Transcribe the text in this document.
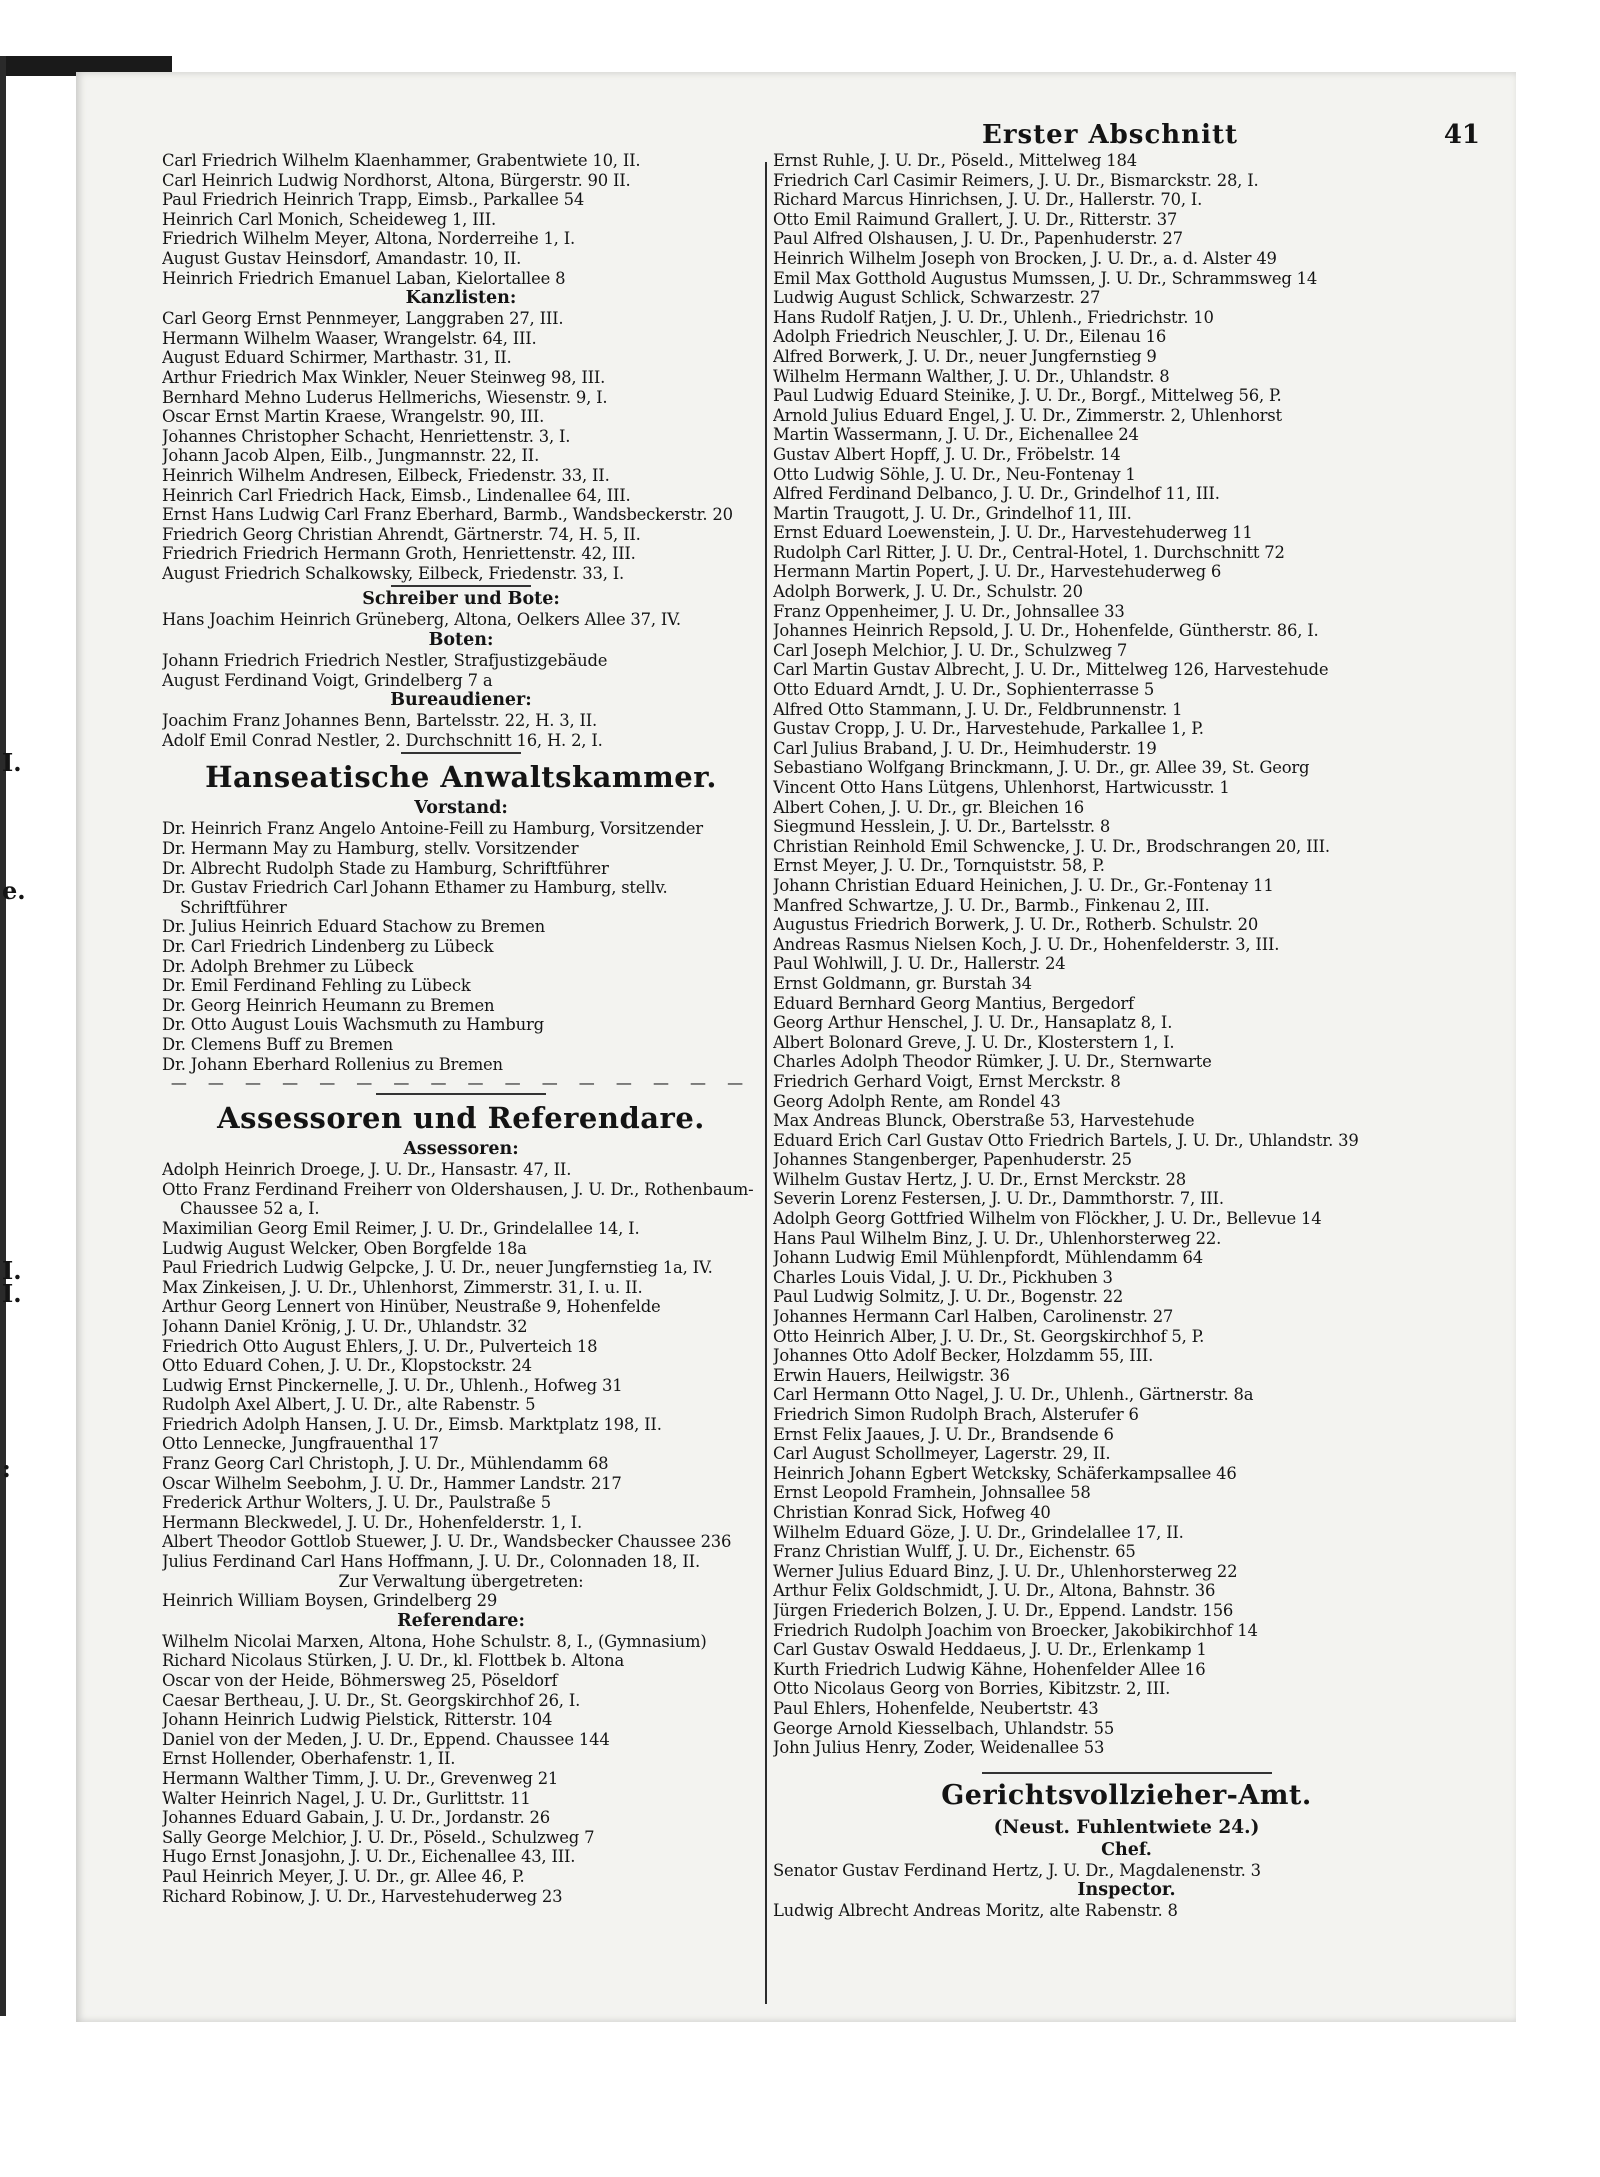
I.
e.
I.
I.
:
Erster Abschnitt	41
Carl Friedrich Wilhelm Klaenhammer, Grabentwiete 10, II.
Carl Heinrich Ludwig Nordhorst, Altona, Bürgerstr. 90 II.
Paul Friedrich Heinrich Trapp, Eimsb., Parkallee 54
Heinrich Carl Monich, Scheideweg 1, III.
Friedrich Wilhelm Meyer, Altona, Norderreihe 1, I.
August Gustav Heinsdorf, Amandastr. 10, II.
Heinrich Friedrich Emanuel Laban, Kielortallee 8
Kanzlisten:
Carl Georg Ernst Pennmeyer, Langgraben 27, III.
Hermann Wilhelm Waaser, Wrangelstr. 64, III.
August Eduard Schirmer, Marthastr. 31, II.
Arthur Friedrich Max Winkler, Neuer Steinweg 98, III.
Bernhard Mehno Luderus Hellmerichs, Wiesenstr. 9, I.
Oscar Ernst Martin Kraese, Wrangelstr. 90, III.
Johannes Christopher Schacht, Henriettenstr. 3, I.
Johann Jacob Alpen, Eilb., Jungmannstr. 22, II.
Heinrich Wilhelm Andresen, Eilbeck, Friedenstr. 33, II.
Heinrich Carl Friedrich Hack, Eimsb., Lindenallee 64, III.
Ernst Hans Ludwig Carl Franz Eberhard, Barmb., Wandsbeckerstr. 20
Friedrich Georg Christian Ahrendt, Gärtnerstr. 74, H. 5, II.
Friedrich Friedrich Hermann Groth, Henriettenstr. 42, III.
August Friedrich Schalkowsky, Eilbeck, Friedenstr. 33, I.
Schreiber und Bote:
Hans Joachim Heinrich Grüneberg, Altona, Oelkers Allee 37, IV.
Boten:
Johann Friedrich Friedrich Nestler, Strafjustizgebäude
August Ferdinand Voigt, Grindelberg 7 a
Bureaudiener:
Joachim Franz Johannes Benn, Bartelsstr. 22, H. 3, II.
Adolf Emil Conrad Nestler, 2. Durchschnitt 16, H. 2, I.
Hanseatische Anwaltskammer.
Vorstand:
Dr. Heinrich Franz Angelo Antoine-Feill zu Hamburg, Vorsitzender
Dr. Hermann May zu Hamburg, stellv. Vorsitzender
Dr. Albrecht Rudolph Stade zu Hamburg, Schriftführer
Dr. Gustav Friedrich Carl Johann Ethamer zu Hamburg, stellv. Schriftführer
Dr. Julius Heinrich Eduard Stachow zu Bremen
Dr. Carl Friedrich Lindenberg zu Lübeck
Dr. Adolph Brehmer zu Lübeck
Dr. Emil Ferdinand Fehling zu Lübeck
Dr. Georg Heinrich Heumann zu Bremen
Dr. Otto August Louis Wachsmuth zu Hamburg
Dr. Clemens Buff zu Bremen
Dr. Johann Eberhard Rollenius zu Bremen
— — — — — — — — — — — — — — — —
Assessoren und Referendare.
Assessoren:
Adolph Heinrich Droege, J. U. Dr., Hansastr. 47, II.
Otto Franz Ferdinand Freiherr von Oldershausen, J. U. Dr., Rothenbaum-Chaussee 52 a, I.
Maximilian Georg Emil Reimer, J. U. Dr., Grindelallee 14, I.
Ludwig August Welcker, Oben Borgfelde 18a
Paul Friedrich Ludwig Gelpcke, J. U. Dr., neuer Jungfernstieg 1a, IV.
Max Zinkeisen, J. U. Dr., Uhlenhorst, Zimmerstr. 31, I. u. II.
Arthur Georg Lennert von Hinüber, Neustraße 9, Hohenfelde
Johann Daniel Krönig, J. U. Dr., Uhlandstr. 32
Friedrich Otto August Ehlers, J. U. Dr., Pulverteich 18
Otto Eduard Cohen, J. U. Dr., Klopstockstr. 24
Ludwig Ernst Pinckernelle, J. U. Dr., Uhlenh., Hofweg 31
Rudolph Axel Albert, J. U. Dr., alte Rabenstr. 5
Friedrich Adolph Hansen, J. U. Dr., Eimsb. Marktplatz 198, II.
Otto Lennecke, Jungfrauenthal 17
Franz Georg Carl Christoph, J. U. Dr., Mühlendamm 68
Oscar Wilhelm Seebohm, J. U. Dr., Hammer Landstr. 217
Frederick Arthur Wolters, J. U. Dr., Paulstraße 5
Hermann Bleckwedel, J. U. Dr., Hohenfelderstr. 1, I.
Albert Theodor Gottlob Stuewer, J. U. Dr., Wandsbecker Chaussee 236
Julius Ferdinand Carl Hans Hoffmann, J. U. Dr., Colonnaden 18, II.
Zur Verwaltung übergetreten:
Heinrich William Boysen, Grindelberg 29
Referendare:
Wilhelm Nicolai Marxen, Altona, Hohe Schulstr. 8, I., (Gymnasium)
Richard Nicolaus Stürken, J. U. Dr., kl. Flottbek b. Altona
Oscar von der Heide, Böhmersweg 25, Pöseldorf
Caesar Bertheau, J. U. Dr., St. Georgskirchhof 26, I.
Johann Heinrich Ludwig Pielstick, Ritterstr. 104
Daniel von der Meden, J. U. Dr., Eppend. Chaussee 144
Ernst Hollender, Oberhafenstr. 1, II.
Hermann Walther Timm, J. U. Dr., Grevenweg 21
Walter Heinrich Nagel, J. U. Dr., Gurlittstr. 11
Johannes Eduard Gabain, J. U. Dr., Jordanstr. 26
Sally George Melchior, J. U. Dr., Pöseld., Schulzweg 7
Hugo Ernst Jonasjohn, J. U. Dr., Eichenallee 43, III.
Paul Heinrich Meyer, J. U. Dr., gr. Allee 46, P.
Richard Robinow, J. U. Dr., Harvestehuderweg 23
Ernst Ruhle, J. U. Dr., Pöseld., Mittelweg 184
Friedrich Carl Casimir Reimers, J. U. Dr., Bismarckstr. 28, I.
Richard Marcus Hinrichsen, J. U. Dr., Hallerstr. 70, I.
Otto Emil Raimund Grallert, J. U. Dr., Ritterstr. 37
Paul Alfred Olshausen, J. U. Dr., Papenhuderstr. 27
Heinrich Wilhelm Joseph von Brocken, J. U. Dr., a. d. Alster 49
Emil Max Gotthold Augustus Mumssen, J. U. Dr., Schrammsweg 14
Ludwig August Schlick, Schwarzestr. 27
Hans Rudolf Ratjen, J. U. Dr., Uhlenh., Friedrichstr. 10
Adolph Friedrich Neuschler, J. U. Dr., Eilenau 16
Alfred Borwerk, J. U. Dr., neuer Jungfernstieg 9
Wilhelm Hermann Walther, J. U. Dr., Uhlandstr. 8
Paul Ludwig Eduard Steinike, J. U. Dr., Borgf., Mittelweg 56, P.
Arnold Julius Eduard Engel, J. U. Dr., Zimmerstr. 2, Uhlenhorst
Martin Wassermann, J. U. Dr., Eichenallee 24
Gustav Albert Hopff, J. U. Dr., Fröbelstr. 14
Otto Ludwig Söhle, J. U. Dr., Neu-Fontenay 1
Alfred Ferdinand Delbanco, J. U. Dr., Grindelhof 11, III.
Martin Traugott, J. U. Dr., Grindelhof 11, III.
Ernst Eduard Loewenstein, J. U. Dr., Harvestehuderweg 11
Rudolph Carl Ritter, J. U. Dr., Central-Hotel, 1. Durchschnitt 72
Hermann Martin Popert, J. U. Dr., Harvestehuderweg 6
Adolph Borwerk, J. U. Dr., Schulstr. 20
Franz Oppenheimer, J. U. Dr., Johnsallee 33
Johannes Heinrich Repsold, J. U. Dr., Hohenfelde, Güntherstr. 86, I.
Carl Joseph Melchior, J. U. Dr., Schulzweg 7
Carl Martin Gustav Albrecht, J. U. Dr., Mittelweg 126, Harvestehude
Otto Eduard Arndt, J. U. Dr., Sophienterrasse 5
Alfred Otto Stammann, J. U. Dr., Feldbrunnenstr. 1
Gustav Cropp, J. U. Dr., Harvestehude, Parkallee 1, P.
Carl Julius Braband, J. U. Dr., Heimhuderstr. 19
Sebastiano Wolfgang Brinckmann, J. U. Dr., gr. Allee 39, St. Georg
Vincent Otto Hans Lütgens, Uhlenhorst, Hartwicusstr. 1
Albert Cohen, J. U. Dr., gr. Bleichen 16
Siegmund Hesslein, J. U. Dr., Bartelsstr. 8
Christian Reinhold Emil Schwencke, J. U. Dr., Brodschrangen 20, III.
Ernst Meyer, J. U. Dr., Tornquiststr. 58, P.
Johann Christian Eduard Heinichen, J. U. Dr., Gr.-Fontenay 11
Manfred Schwartze, J. U. Dr., Barmb., Finkenau 2, III.
Augustus Friedrich Borwerk, J. U. Dr., Rotherb. Schulstr. 20
Andreas Rasmus Nielsen Koch, J. U. Dr., Hohenfelderstr. 3, III.
Paul Wohlwill, J. U. Dr., Hallerstr. 24
Ernst Goldmann, gr. Burstah 34
Eduard Bernhard Georg Mantius, Bergedorf
Georg Arthur Henschel, J. U. Dr., Hansaplatz 8, I.
Albert Bolonard Greve, J. U. Dr., Klosterstern 1, I.
Charles Adolph Theodor Rümker, J. U. Dr., Sternwarte
Friedrich Gerhard Voigt, Ernst Merckstr. 8
Georg Adolph Rente, am Rondel 43
Max Andreas Blunck, Oberstraße 53, Harvestehude
Eduard Erich Carl Gustav Otto Friedrich Bartels, J. U. Dr., Uhlandstr. 39
Johannes Stangenberger, Papenhuderstr. 25
Wilhelm Gustav Hertz, J. U. Dr., Ernst Merckstr. 28
Severin Lorenz Festersen, J. U. Dr., Dammthorstr. 7, III.
Adolph Georg Gottfried Wilhelm von Flöckher, J. U. Dr., Bellevue 14
Hans Paul Wilhelm Binz, J. U. Dr., Uhlenhorsterweg 22.
Johann Ludwig Emil Mühlenpfordt, Mühlendamm 64
Charles Louis Vidal, J. U. Dr., Pickhuben 3
Paul Ludwig Solmitz, J. U. Dr., Bogenstr. 22
Johannes Hermann Carl Halben, Carolinenstr. 27
Otto Heinrich Alber, J. U. Dr., St. Georgskirchhof 5, P.
Johannes Otto Adolf Becker, Holzdamm 55, III.
Erwin Hauers, Heilwigstr. 36
Carl Hermann Otto Nagel, J. U. Dr., Uhlenh., Gärtnerstr. 8a
Friedrich Simon Rudolph Brach, Alsterufer 6
Ernst Felix Jaaues, J. U. Dr., Brandsende 6
Carl August Schollmeyer, Lagerstr. 29, II.
Heinrich Johann Egbert Wetcksky, Schäferkampsallee 46
Ernst Leopold Framhein, Johnsallee 58
Christian Konrad Sick, Hofweg 40
Wilhelm Eduard Göze, J. U. Dr., Grindelallee 17, II.
Franz Christian Wulff, J. U. Dr., Eichenstr. 65
Werner Julius Eduard Binz, J. U. Dr., Uhlenhorsterweg 22
Arthur Felix Goldschmidt, J. U. Dr., Altona, Bahnstr. 36
Jürgen Friederich Bolzen, J. U. Dr., Eppend. Landstr. 156
Friedrich Rudolph Joachim von Broecker, Jakobikirchhof 14
Carl Gustav Oswald Heddaeus, J. U. Dr., Erlenkamp 1
Kurth Friedrich Ludwig Kähne, Hohenfelder Allee 16
Otto Nicolaus Georg von Borries, Kibitzstr. 2, III.
Paul Ehlers, Hohenfelde, Neubertstr. 43
George Arnold Kiesselbach, Uhlandstr. 55
John Julius Henry, Zoder, Weidenallee 53
Gerichtsvollzieher-Amt.
(Neust. Fuhlentwiete 24.)
Chef.
Senator Gustav Ferdinand Hertz, J. U. Dr., Magdalenenstr. 3
Inspector.
Ludwig Albrecht Andreas Moritz, alte Rabenstr. 8
